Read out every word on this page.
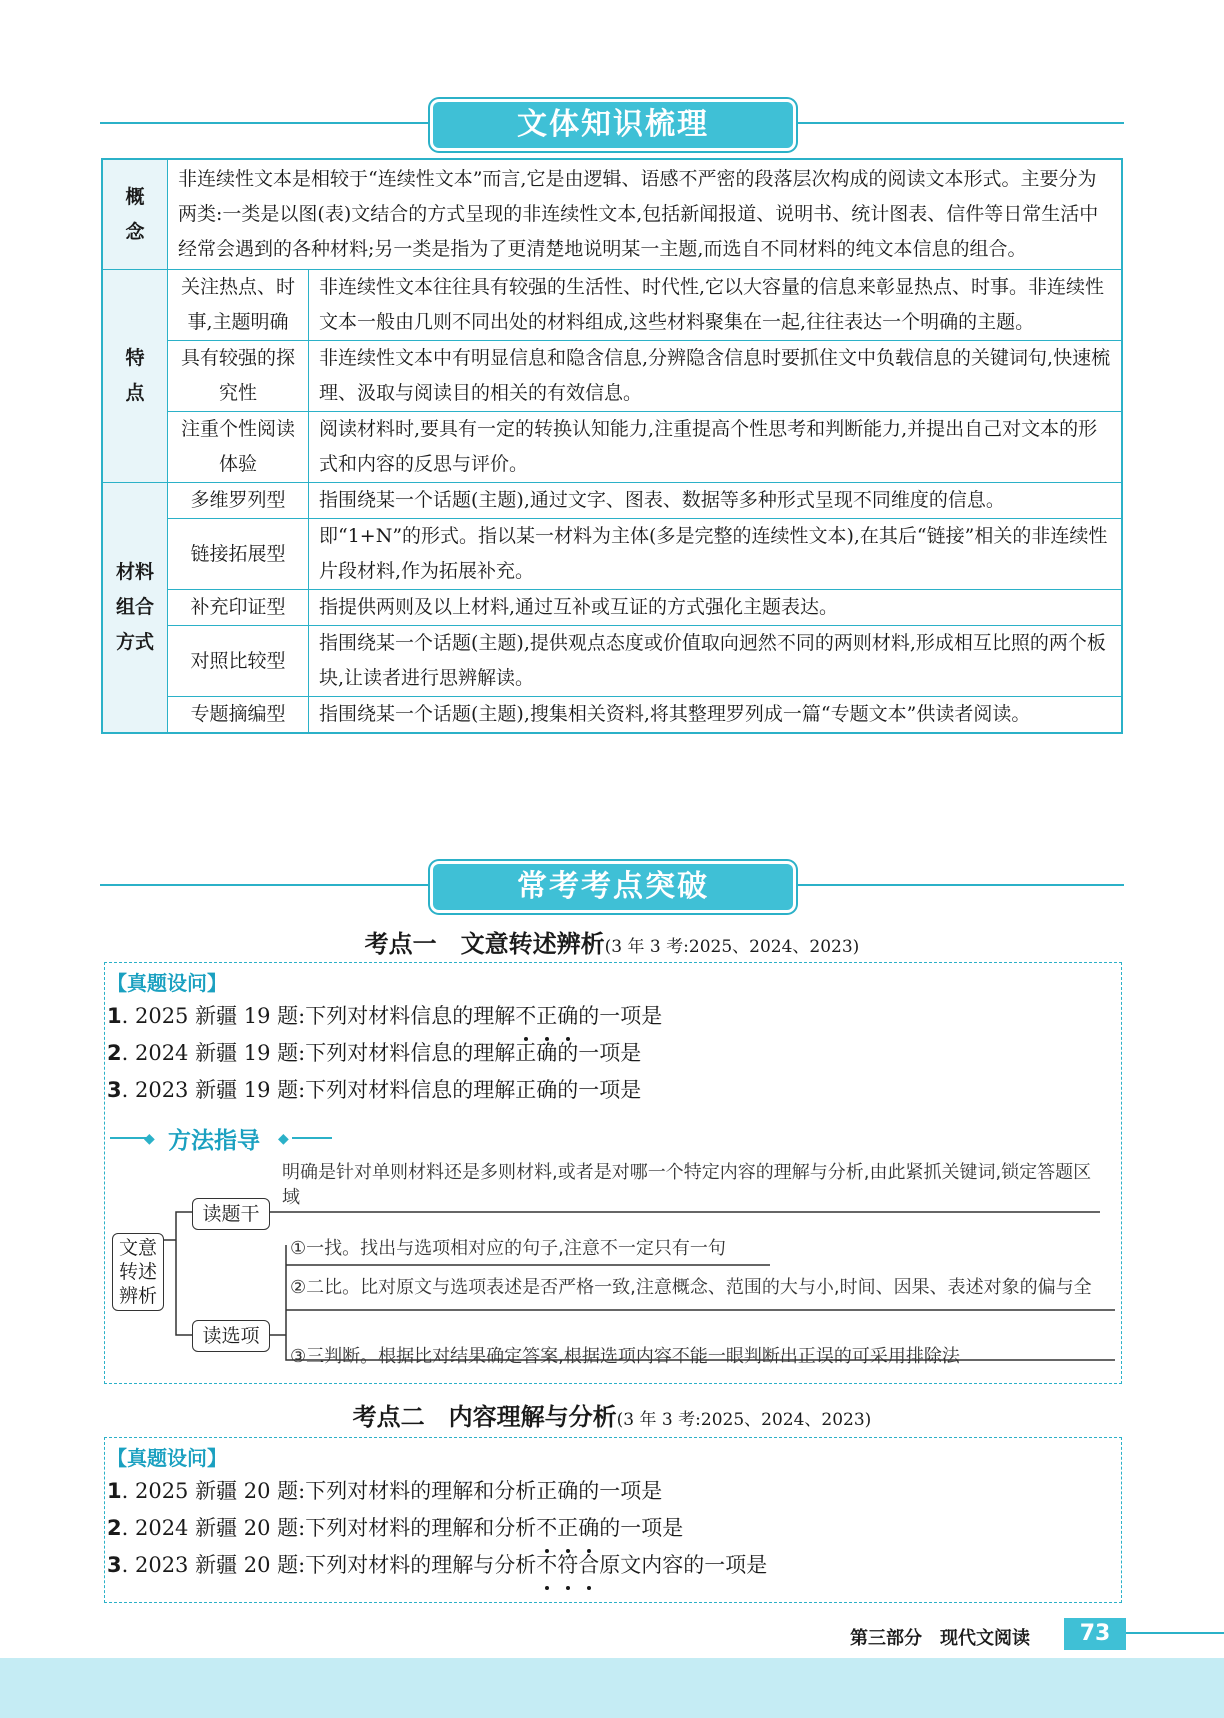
文体知识梳理
概　念	非连续性文本是相较于“连续性文本”而言,它是由逻辑、语感不严密的段落层次构成的阅读文本形式。主要分为两类:一类是以图(表)文结合的方式呈现的非连续性文本,包括新闻报道、说明书、统计图表、信件等日常生活中经常会遇到的各种材料;另一类是指为了更清楚地说明某一主题,而选自不同材料的纯文本信息的组合。	
特　点	关注热点、时事,主题明确	非连续性文本往往具有较强的生活性、时代性,它以大容量的信息来彰显热点、时事。非连续性文本一般由几则不同出处的材料组成,这些材料聚集在一起,往往表达一个明确的主题。
	具有较强的探究性	非连续性文本中有明显信息和隐含信息,分辨隐含信息时要抓住文中负载信息的关键词句,快速梳理、汲取与阅读目的相关的有效信息。
	注重个性阅读体验	阅读材料时,要具有一定的转换认知能力,注重提高个性思考和判断能力,并提出自己对文本的形式和内容的反思与评价。
材料组合方式	多维罗列型	指围绕某一个话题(主题),通过文字、图表、数据等多种形式呈现不同维度的信息。
	链接拓展型	即“1+N”的形式。指以某一材料为主体(多是完整的连续性文本),在其后“链接”相关的非连续性片段材料,作为拓展补充。
	补充印证型	指提供两则及以上材料,通过互补或互证的方式强化主题表达。
	对照比较型	指围绕某一个话题(主题),提供观点态度或价值取向迥然不同的两则材料,形成相互比照的两个板块,让读者进行思辨解读。
	专题摘编型	指围绕某一个话题(主题),搜集相关资料,将其整理罗列成一篇“专题文本”供读者阅读。
常考考点突破
考点一　文意转述辨析(3 年 3 考:2025、2024、2023)
【真题设问】
1. 2025 新疆 19 题:下列对材料信息的理解不正确的一项是
2. 2024 新疆 19 题:下列对材料信息的理解正确的一项是
3. 2023 新疆 19 题:下列对材料信息的理解正确的一项是
◆ 方法指导 ◆
文意转述辨析
读题干
读选项
明确是针对单则材料还是多则材料,或者是对哪一个特定内容的理解与分析,由此紧抓关键词,锁定答题区域
①一找。找出与选项相对应的句子,注意不一定只有一句
②二比。比对原文与选项表述是否严格一致,注意概念、范围的大与小,时间、因果、表述对象的偏与全
③三判断。根据比对结果确定答案,根据选项内容不能一眼判断出正误的可采用排除法
考点二　内容理解与分析(3 年 3 考:2025、2024、2023)
【真题设问】
1. 2025 新疆 20 题:下列对材料的理解和分析正确的一项是
2. 2024 新疆 20 题:下列对材料的理解和分析不正确的一项是
3. 2023 新疆 20 题:下列对材料的理解与分析不符合原文内容的一项是
第三部分　现代文阅读	73
